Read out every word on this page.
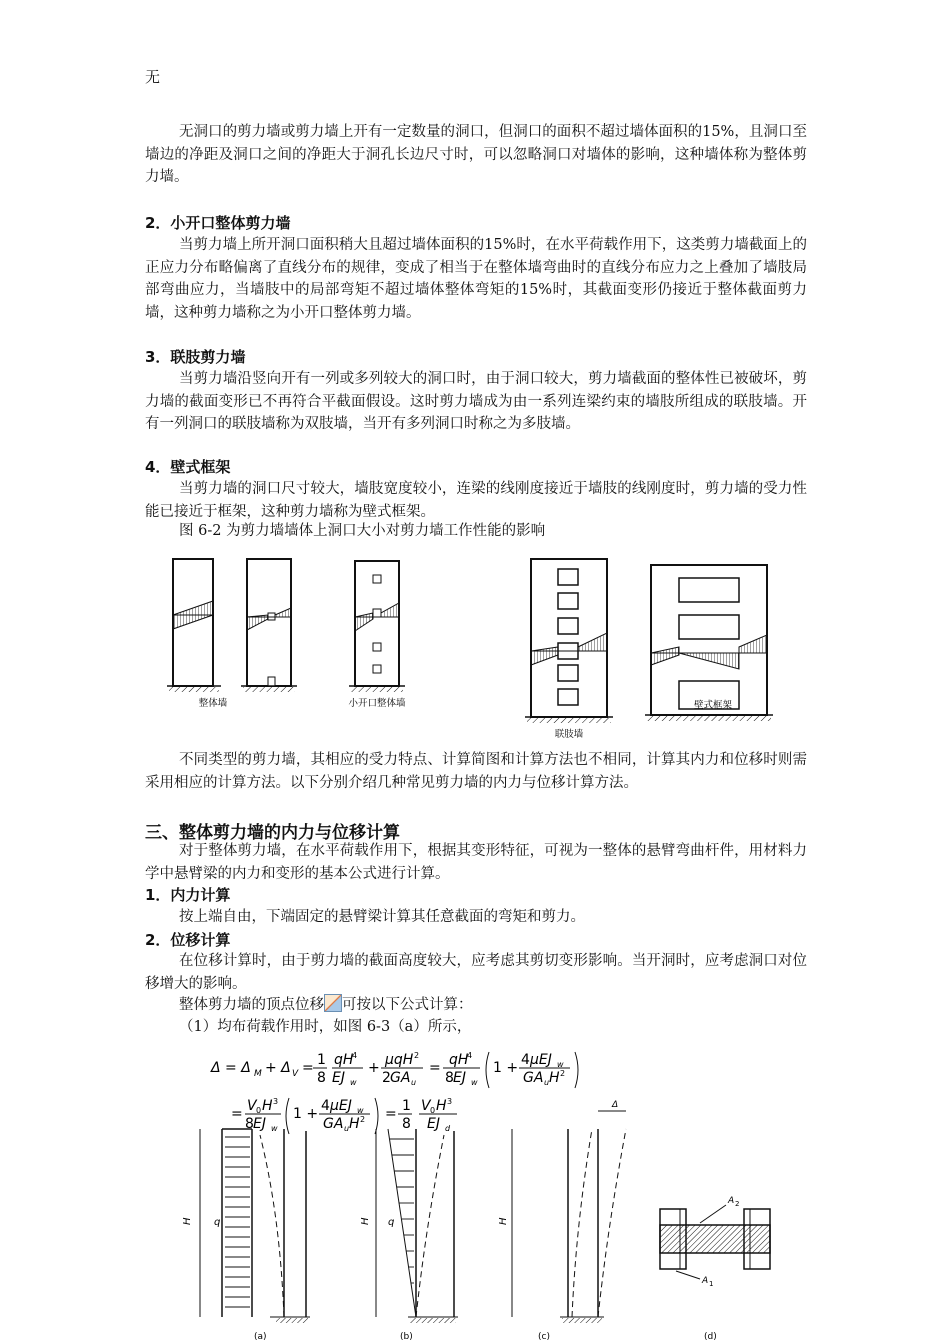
无

无洞口的剪力墙或剪力墙上开有一定数量的洞口，但洞口的面积不超过墙体面积的15%，且洞口至墙边的净距及洞口之间的净距大于洞孔长边尺寸时，可以忽略洞口对墙体的影响，这种墙体称为整体剪力墙。

2．小开口整体剪力墙

当剪力墙上所开洞口面积稍大且超过墙体面积的15%时，在水平荷载作用下，这类剪力墙截面上的正应力分布略偏离了直线分布的规律，变成了相当于在整体墙弯曲时的直线分布应力之上叠加了墙肢局部弯曲应力，当墙肢中的局部弯矩不超过墙体整体弯矩的15%时，其截面变形仍接近于整体截面剪力墙，这种剪力墙称之为小开口整体剪力墙。

3．联肢剪力墙

当剪力墙沿竖向开有一列或多列较大的洞口时，由于洞口较大，剪力墙截面的整体性已被破坏，剪力墙的截面变形已不再符合平截面假设。这时剪力墙成为由一系列连梁约束的墙肢所组成的联肢墙。开有一列洞口的联肢墙称为双肢墙，当开有多列洞口时称之为多肢墙。

4．壁式框架

当剪力墙的洞口尺寸较大，墙肢宽度较小，连梁的线刚度接近于墙肢的线刚度时，剪力墙的受力性能已接近于框架，这种剪力墙称为壁式框架。

图 6-2 为剪力墙墙体上洞口大小对剪力墙工作性能的影响

整体墙	小开口整体墙
联肢墙
壁式框架

不同类型的剪力墙，其相应的受力特点、计算简图和计算方法也不相同，计算其内力和位移时则需采用相应的计算方法。以下分别介绍几种常见剪力墙的内力与位移计算方法。

三、整体剪力墙的内力与位移计算

对于整体剪力墙，在水平荷载作用下，根据其变形特征，可视为一整体的悬臂弯曲杆件，用材料力学中悬臂梁的内力和变形的基本公式进行计算。

1．内力计算

按上端自由，下端固定的悬臂梁计算其任意截面的弯矩和剪力。

2．位移计算

在位移计算时，由于剪力墙的截面高度较大，应考虑其剪切变形影响。当开洞时，应考虑洞口对位移增大的影响。

整体剪力墙的顶点位移 可按以下公式计算：

（1）均布荷载作用时，如图 6-3（a）所示，

Δ = Δ M + Δ V = 1
8
qH
4
EJ w
+ μqH 2
2 GA u
= qH
4
8 EJ w
1 + 4 μEJ w
GA u H 2
= V 0 H 3
8 EJ w
1 + 4 μEJ w
GA u H 2 = 1
8
V 0 H 3
EJ d
H q
(a)
H q
(b)
H
Δ
(c)
A 2
A 1
(d)
